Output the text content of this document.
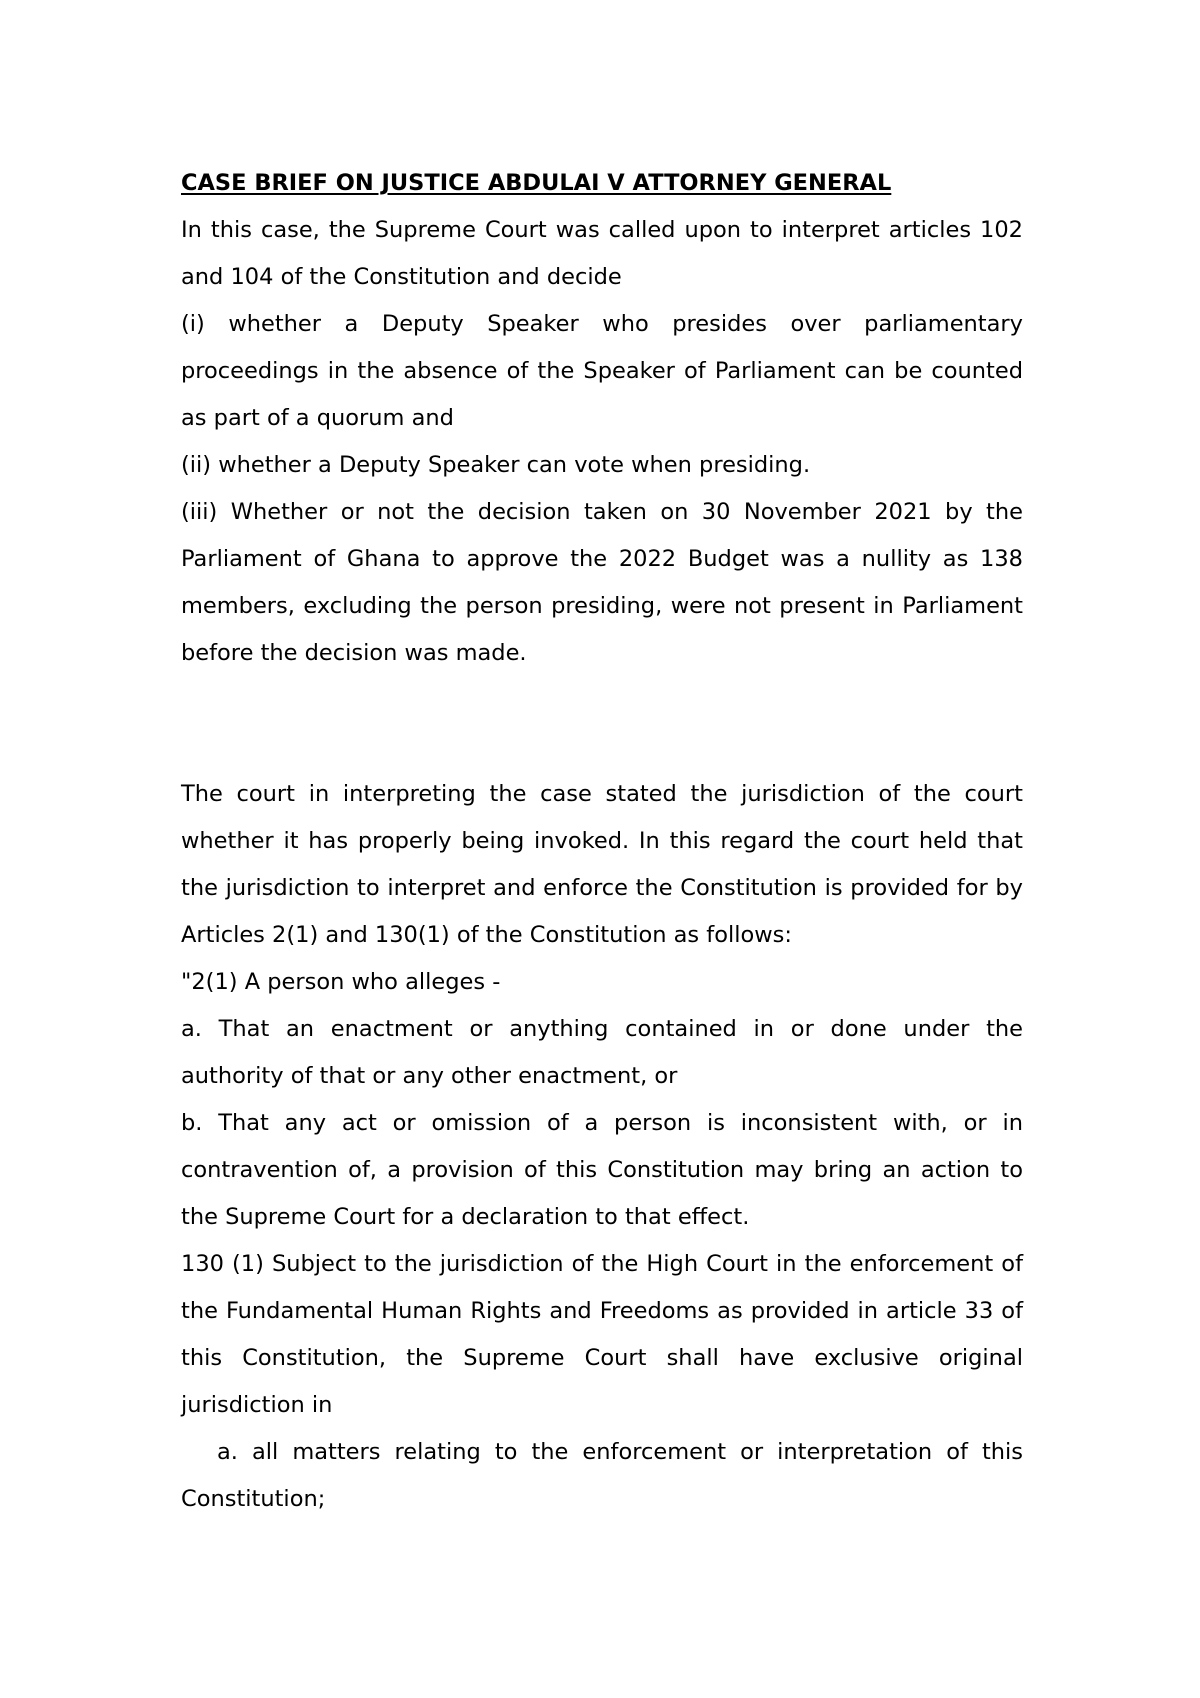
CASE BRIEF ON JUSTICE ABDULAI V ATTORNEY GENERAL

In this case, the Supreme Court was called upon to interpret articles 102 and 104 of the Constitution and decide

(i) whether a Deputy Speaker who presides over parliamentary proceedings in the absence of the Speaker of Parliament can be counted as part of a quorum and

(ii) whether a Deputy Speaker can vote when presiding.

(iii) Whether or not the decision taken on 30 November 2021 by the Parliament of Ghana to approve the 2022 Budget was a nullity as 138 members, excluding the person presiding, were not present in Parliament before the decision was made.

The court in interpreting the case stated the jurisdiction of the court whether it has properly being invoked. In this regard the court held that the jurisdiction to interpret and enforce the Constitution is provided for by Articles 2(1) and 130(1) of the Constitution as follows:

"2(1) A person who alleges -

a. That an enactment or anything contained in or done under the authority of that or any other enactment, or

b. That any act or omission of a person is inconsistent with, or in contravention of, a provision of this Constitution may bring an action to the Supreme Court for a declaration to that effect.

130 (1) Subject to the jurisdiction of the High Court in the enforcement of the Fundamental Human Rights and Freedoms as provided in article 33 of this Constitution, the Supreme Court shall have exclusive original jurisdiction in

a. all matters relating to the enforcement or interpretation of this Constitution;
